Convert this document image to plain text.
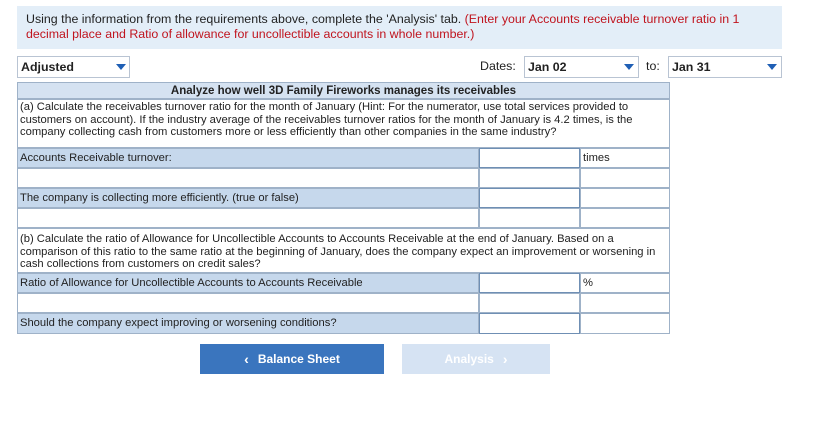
Using the information from the requirements above, complete the 'Analysis' tab. (Enter your Accounts receivable turnover ratio in 1 decimal place and Ratio of allowance for uncollectible accounts in whole number.)
Adjusted	Dates: Jan 02	to: Jan 31
Analyze how well 3D Family Fireworks manages its receivables
(a) Calculate the receivables turnover ratio for the month of January (Hint: For the numerator, use total services provided to customers on account). If the industry average of the receivables turnover ratios for the month of January is 4.2 times, is the company collecting cash from customers more or less efficiently than other companies in the same industry?
Accounts Receivable turnover:	times
The company is collecting more efficiently. (true or false)
(b) Calculate the ratio of Allowance for Uncollectible Accounts to Accounts Receivable at the end of January. Based on a comparison of this ratio to the same ratio at the beginning of January, does the company expect an improvement or worsening in cash collections from customers on credit sales?
Ratio of Allowance for Uncollectible Accounts to Accounts Receivable	%
Should the company expect improving or worsening conditions?
‹ Balance Sheet	Analysis ›
